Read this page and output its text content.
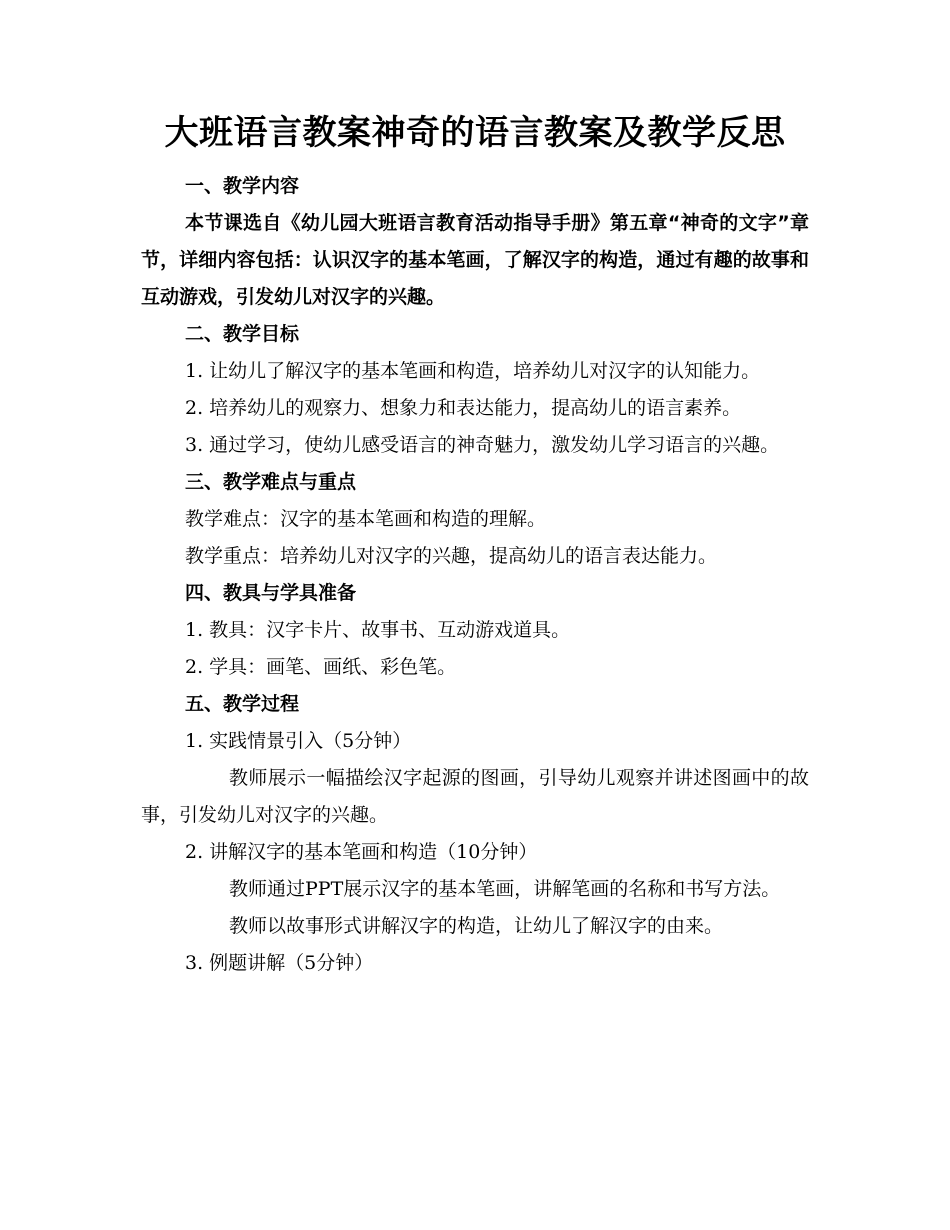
大班语言教案神奇的语言教案及教学反思

一、教学内容

本节课选自《幼儿园大班语言教育活动指导手册》第五章“神奇的文字”章节，详细内容包括：认识汉字的基本笔画，了解汉字的构造，通过有趣的故事和互动游戏，引发幼儿对汉字的兴趣。

二、教学目标

1. 让幼儿了解汉字的基本笔画和构造，培养幼儿对汉字的认知能力。

2. 培养幼儿的观察力、想象力和表达能力，提高幼儿的语言素养。

3. 通过学习，使幼儿感受语言的神奇魅力，激发幼儿学习语言的兴趣。

三、教学难点与重点

教学难点：汉字的基本笔画和构造的理解。

教学重点：培养幼儿对汉字的兴趣，提高幼儿的语言表达能力。

四、教具与学具准备

1. 教具：汉字卡片、故事书、互动游戏道具。

2. 学具：画笔、画纸、彩色笔。

五、教学过程

1. 实践情景引入（5分钟）

教师展示一幅描绘汉字起源的图画，引导幼儿观察并讲述图画中的故事，引发幼儿对汉字的兴趣。

2. 讲解汉字的基本笔画和构造（10分钟）

教师通过PPT展示汉字的基本笔画，讲解笔画的名称和书写方法。

教师以故事形式讲解汉字的构造，让幼儿了解汉字的由来。

3. 例题讲解（5分钟）
